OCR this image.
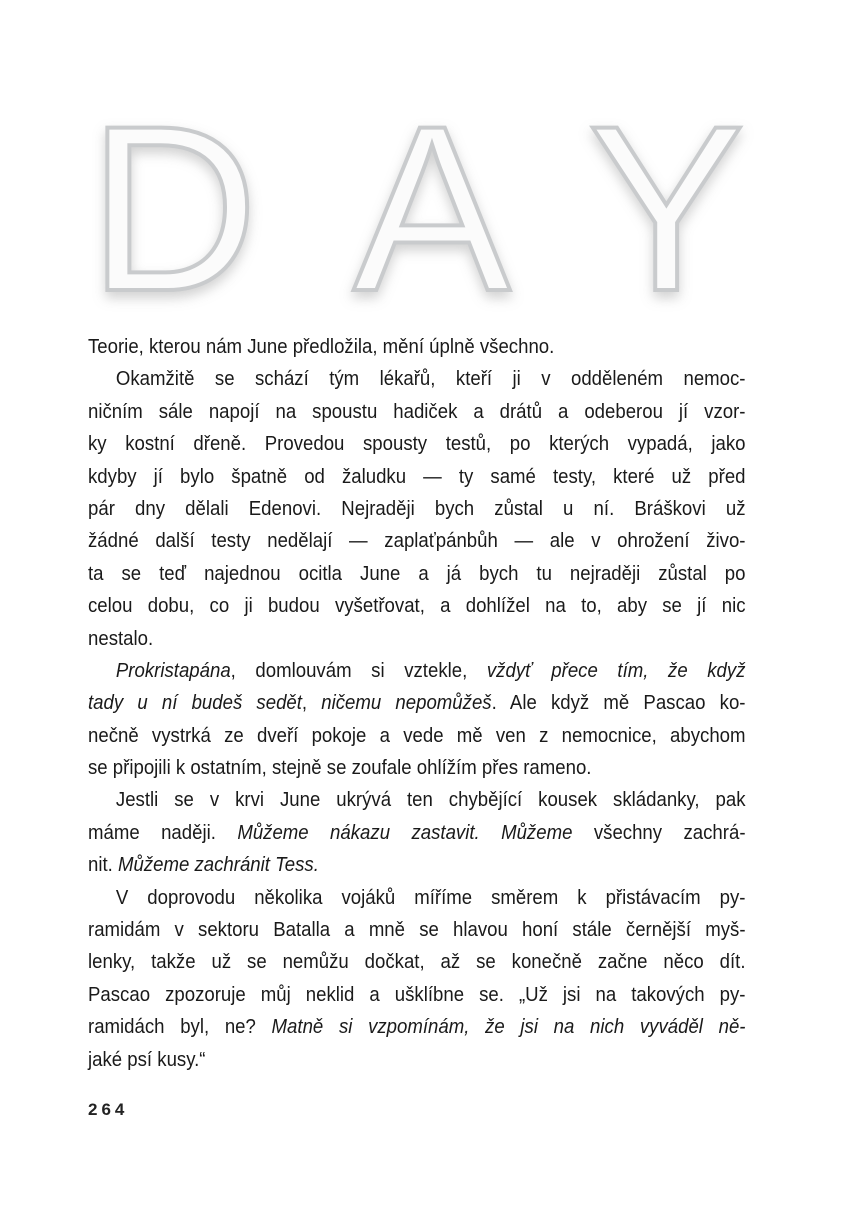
DAY
Teorie, kterou nám June předložila, mění úplně všechno.
Okamžitě se schází tým lékařů, kteří ji v odděleném nemoc-
ničním sále napojí na spoustu hadiček a drátů a odeberou jí vzor-
ky kostní dřeně. Provedou spousty testů, po kterých vypadá, jako
kdyby jí bylo špatně od žaludku — ty samé testy, které už před
pár dny dělali Edenovi. Nejraději bych zůstal u ní. Bráškovi už
žádné další testy nedělají — zaplaťpánbůh — ale v ohrožení živo-
ta se teď najednou ocitla June a já bych tu nejraději zůstal po
celou dobu, co ji budou vyšetřovat, a dohlížel na to, aby se jí nic
nestalo.
Prokristapána, domlouvám si vztekle, vždyť přece tím, že když
tady u ní budeš sedět, ničemu nepomůžeš. Ale když mě Pascao ko-
nečně vystrká ze dveří pokoje a vede mě ven z nemocnice, abychom
se připojili k ostatním, stejně se zoufale ohlížím přes rameno.
Jestli se v krvi June ukrývá ten chybějící kousek skládanky, pak
máme naději. Můžeme nákazu zastavit. Můžeme všechny zachrá-
nit. Můžeme zachránit Tess.
V doprovodu několika vojáků míříme směrem k přistávacím py-
ramidám v sektoru Batalla a mně se hlavou honí stále černější myš-
lenky, takže už se nemůžu dočkat, až se konečně začne něco dít.
Pascao zpozoruje můj neklid a ušklíbne se. „Už jsi na takových py-
ramidách byl, ne? Matně si vzpomínám, že jsi na nich vyváděl ně-
jaké psí kusy.“
264
